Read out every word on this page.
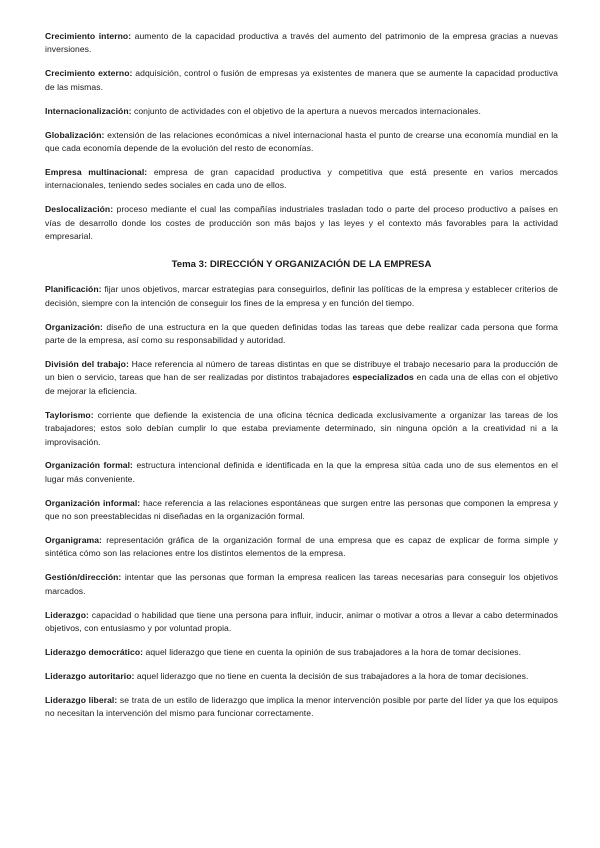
Crecimiento interno: aumento de la capacidad productiva a través del aumento del patrimonio de la empresa gracias a nuevas inversiones.

Crecimiento externo: adquisición, control o fusión de empresas ya existentes de manera que se aumente la capacidad productiva de las mismas.

Internacionalización: conjunto de actividades con el objetivo de la apertura a nuevos mercados internacionales.

Globalización: extensión de las relaciones económicas a nivel internacional hasta el punto de crearse una economía mundial en la que cada economía depende de la evolución del resto de economías.

Empresa multinacional: empresa de gran capacidad productiva y competitiva que está presente en varios mercados internacionales, teniendo sedes sociales en cada uno de ellos.

Deslocalización: proceso mediante el cual las compañías industriales trasladan todo o parte del proceso productivo a países en vías de desarrollo donde los costes de producción son más bajos y las leyes y el contexto más favorables para la actividad empresarial.

Tema 3: DIRECCIÓN Y ORGANIZACIÓN DE LA EMPRESA

Planificación: fijar unos objetivos, marcar estrategias para conseguirlos, definir las políticas de la empresa y establecer criterios de decisión, siempre con la intención de conseguir los fines de la empresa y en función del tiempo.

Organización: diseño de una estructura en la que queden definidas todas las tareas que debe realizar cada persona que forma parte de la empresa, así como su responsabilidad y autoridad.

División del trabajo: Hace referencia al número de tareas distintas en que se distribuye el trabajo necesario para la producción de un bien o servicio, tareas que han de ser realizadas por distintos trabajadores especializados en cada una de ellas con el objetivo de mejorar la eficiencia.

Taylorismo: corriente que defiende la existencia de una oficina técnica dedicada exclusivamente a organizar las tareas de los trabajadores; estos solo debían cumplir lo que estaba previamente determinado, sin ninguna opción a la creatividad ni a la improvisación.

Organización formal: estructura intencional definida e identificada en la que la empresa sitúa cada uno de sus elementos en el lugar más conveniente.

Organización informal: hace referencia a las relaciones espontáneas que surgen entre las personas que componen la empresa y que no son preestablecidas ni diseñadas en la organización formal.

Organigrama: representación gráfica de la organización formal de una empresa que es capaz de explicar de forma simple y sintética cómo son las relaciones entre los distintos elementos de la empresa.

Gestión/dirección: intentar que las personas que forman la empresa realicen las tareas necesarias para conseguir los objetivos marcados.

Liderazgo: capacidad o habilidad que tiene una persona para influir, inducir, animar o motivar a otros a llevar a cabo determinados objetivos, con entusiasmo y por voluntad propia.

Liderazgo democrático: aquel liderazgo que tiene en cuenta la opinión de sus trabajadores a la hora de tomar decisiones.

Liderazgo autoritario: aquel liderazgo que no tiene en cuenta la decisión de sus trabajadores a la hora de tomar decisiones.

Liderazgo liberal: se trata de un estilo de liderazgo que implica la menor intervención posible por parte del líder ya que los equipos no necesitan la intervención del mismo para funcionar correctamente.
